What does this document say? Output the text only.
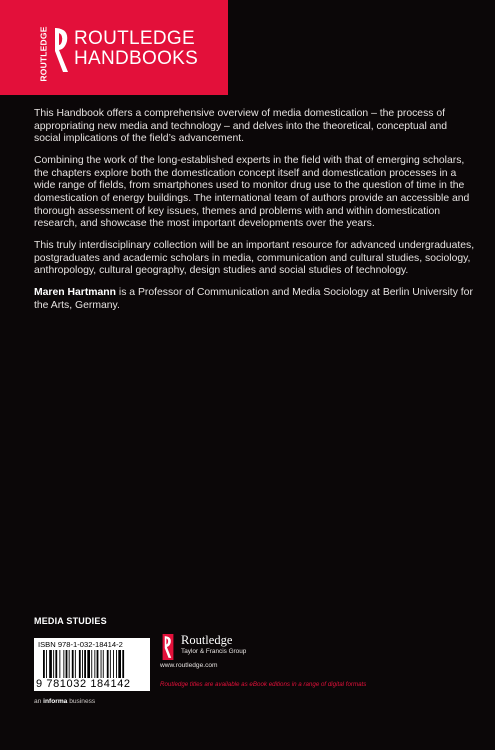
ROUTLEDGE ROUTLEDGE
HANDBOOKS

This Handbook offers a comprehensive overview of media domestication – the process of appropriating new media and technology – and delves into the theoretical, conceptual and social implications of the field’s advancement.

Combining the work of the long-established experts in the field with that of emerging scholars, the chapters explore both the domestication concept itself and domestication processes in a wide range of fields, from smartphones used to monitor drug use to the question of time in the domestication of energy buildings. The international team of authors provide an accessible and thorough assessment of key issues, themes and problems with and within domestication research, and showcase the most important developments over the years.

This truly interdisciplinary collection will be an important resource for advanced undergraduates, postgraduates and academic scholars in media, communication and cultural studies, sociology, anthropology, cultural geography, design studies and social studies of technology.

Maren Hartmann is a Professor of Communication and Media Sociology at Berlin University for the Arts, Germany.

MEDIA STUDIES
ISBN 978-1-032-18414-2
9 781032 184142
an informa business
Routledge
Taylor & Francis Group
www.routledge.com
Routledge titles are available as eBook editions in a range of digital formats
